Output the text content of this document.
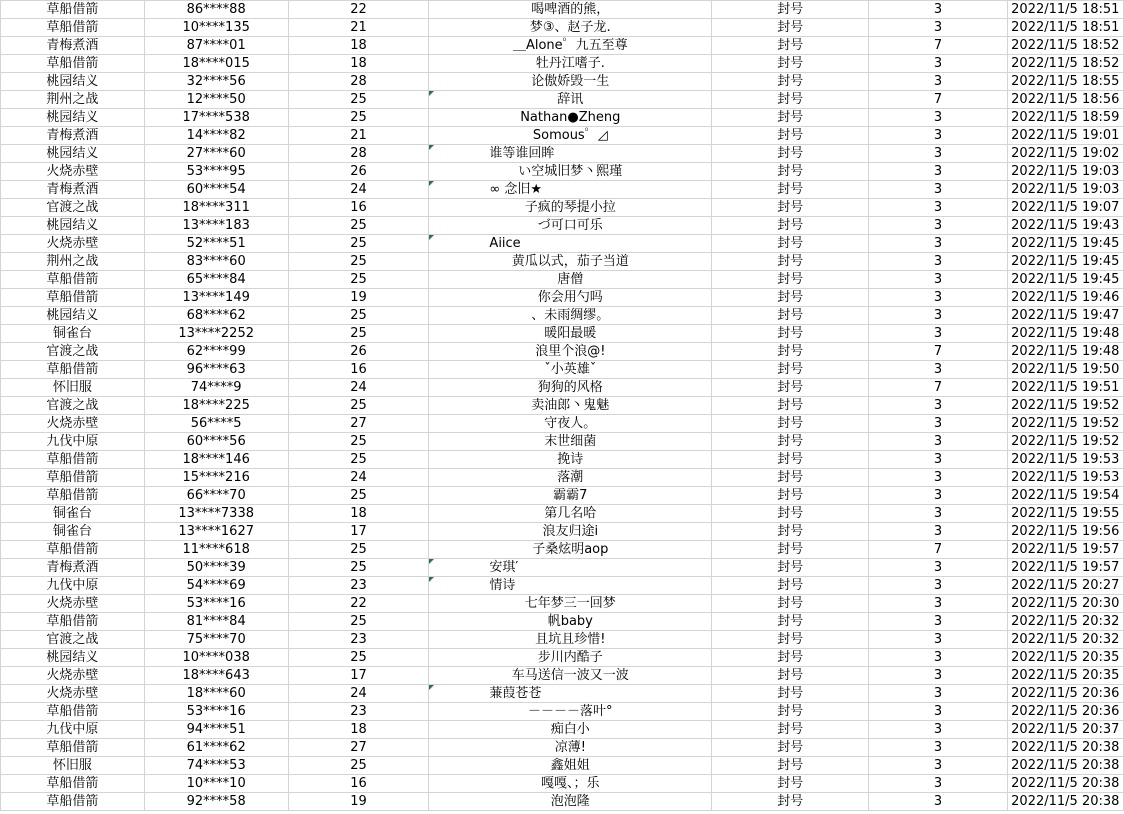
草船借箭	86****88	22	喝啤酒的熊，	封号	3	2022/11/5 18:51
草船借箭	10****135	21	梦③、赵子龙.	封号	3	2022/11/5 18:51
青梅煮酒	87****01	18	＿Alone゜九五至尊	封号	7	2022/11/5 18:52
草船借箭	18****015	18	牡丹江嗜子.	封号	3	2022/11/5 18:52
桃园结义	32****56	28	论傲娇毁一生	封号	3	2022/11/5 18:55
荆州之战	12****50	25	辞讯	封号	7	2022/11/5 18:56
桃园结义	17****538	25	Nathan●Zheng	封号	3	2022/11/5 18:59
青梅煮酒	14****82	21	Somous゜◿	封号	3	2022/11/5 19:01
桃园结义	27****60	28	谁等谁回眸	封号	3	2022/11/5 19:02
火烧赤壁	53****95	26	い空城旧梦丶熙瑾	封号	3	2022/11/5 19:03
青梅煮酒	60****54	24	∞ 念旧★	封号	3	2022/11/5 19:03
官渡之战	18****311	16	子疯的琴提小拉	封号	3	2022/11/5 19:07
桃园结义	13****183	25	づ可口可乐	封号	3	2022/11/5 19:43
火烧赤壁	52****51	25	Aiice	封号	3	2022/11/5 19:45
荆州之战	83****60	25	黄瓜以式，茄子当道	封号	3	2022/11/5 19:45
草船借箭	65****84	25	唐僧	封号	3	2022/11/5 19:45
草船借箭	13****149	19	你会用勺吗	封号	3	2022/11/5 19:46
桃园结义	68****62	25	、未雨绸缪。	封号	3	2022/11/5 19:47
铜雀台	13****2252	25	暖阳最暖	封号	3	2022/11/5 19:48
官渡之战	62****99	26	浪里个浪@!	封号	7	2022/11/5 19:48
草船借箭	96****63	16	ˇ小英雄ˇ	封号	3	2022/11/5 19:50
怀旧服	74****9	24	狗狗的风格	封号	7	2022/11/5 19:51
官渡之战	18****225	25	卖油郎丶鬼魅	封号	3	2022/11/5 19:52
火烧赤壁	56****5	27	守夜人。	封号	3	2022/11/5 19:52
九伐中原	60****56	25	末世细菌	封号	3	2022/11/5 19:52
草船借箭	18****146	25	挽诗	封号	3	2022/11/5 19:53
草船借箭	15****216	24	落潮	封号	3	2022/11/5 19:53
草船借箭	66****70	25	霸霸7	封号	3	2022/11/5 19:54
铜雀台	13****7338	18	第几名哈	封号	3	2022/11/5 19:55
铜雀台	13****1627	17	浪友归途i	封号	3	2022/11/5 19:56
草船借箭	11****618	25	子桑炫明aop	封号	7	2022/11/5 19:57
青梅煮酒	50****39	25	安琪′	封号	3	2022/11/5 19:57
九伐中原	54****69	23	情诗	封号	3	2022/11/5 20:27
火烧赤壁	53****16	22	七年梦三一回梦	封号	3	2022/11/5 20:30
草船借箭	81****84	25	帆baby	封号	3	2022/11/5 20:32
官渡之战	75****70	23	且坑且珍惜!	封号	3	2022/11/5 20:32
桃园结义	10****038	25	步川内酷子	封号	3	2022/11/5 20:35
火烧赤壁	18****643	17	车马送信一波又一波	封号	3	2022/11/5 20:35
火烧赤壁	18****60	24	蒹葭苍苍	封号	3	2022/11/5 20:36
草船借箭	53****16	23	－－－－落叶°	封号	3	2022/11/5 20:36
九伐中原	94****51	18	痴白小	封号	3	2022/11/5 20:37
草船借箭	61****62	27	凉薄!	封号	3	2022/11/5 20:38
怀旧服	74****53	25	鑫姐姐	封号	3	2022/11/5 20:38
草船借箭	10****10	16	嘎嘎、；乐	封号	3	2022/11/5 20:38
草船借箭	92****58	19	泡泡隆	封号	3	2022/11/5 20:38
